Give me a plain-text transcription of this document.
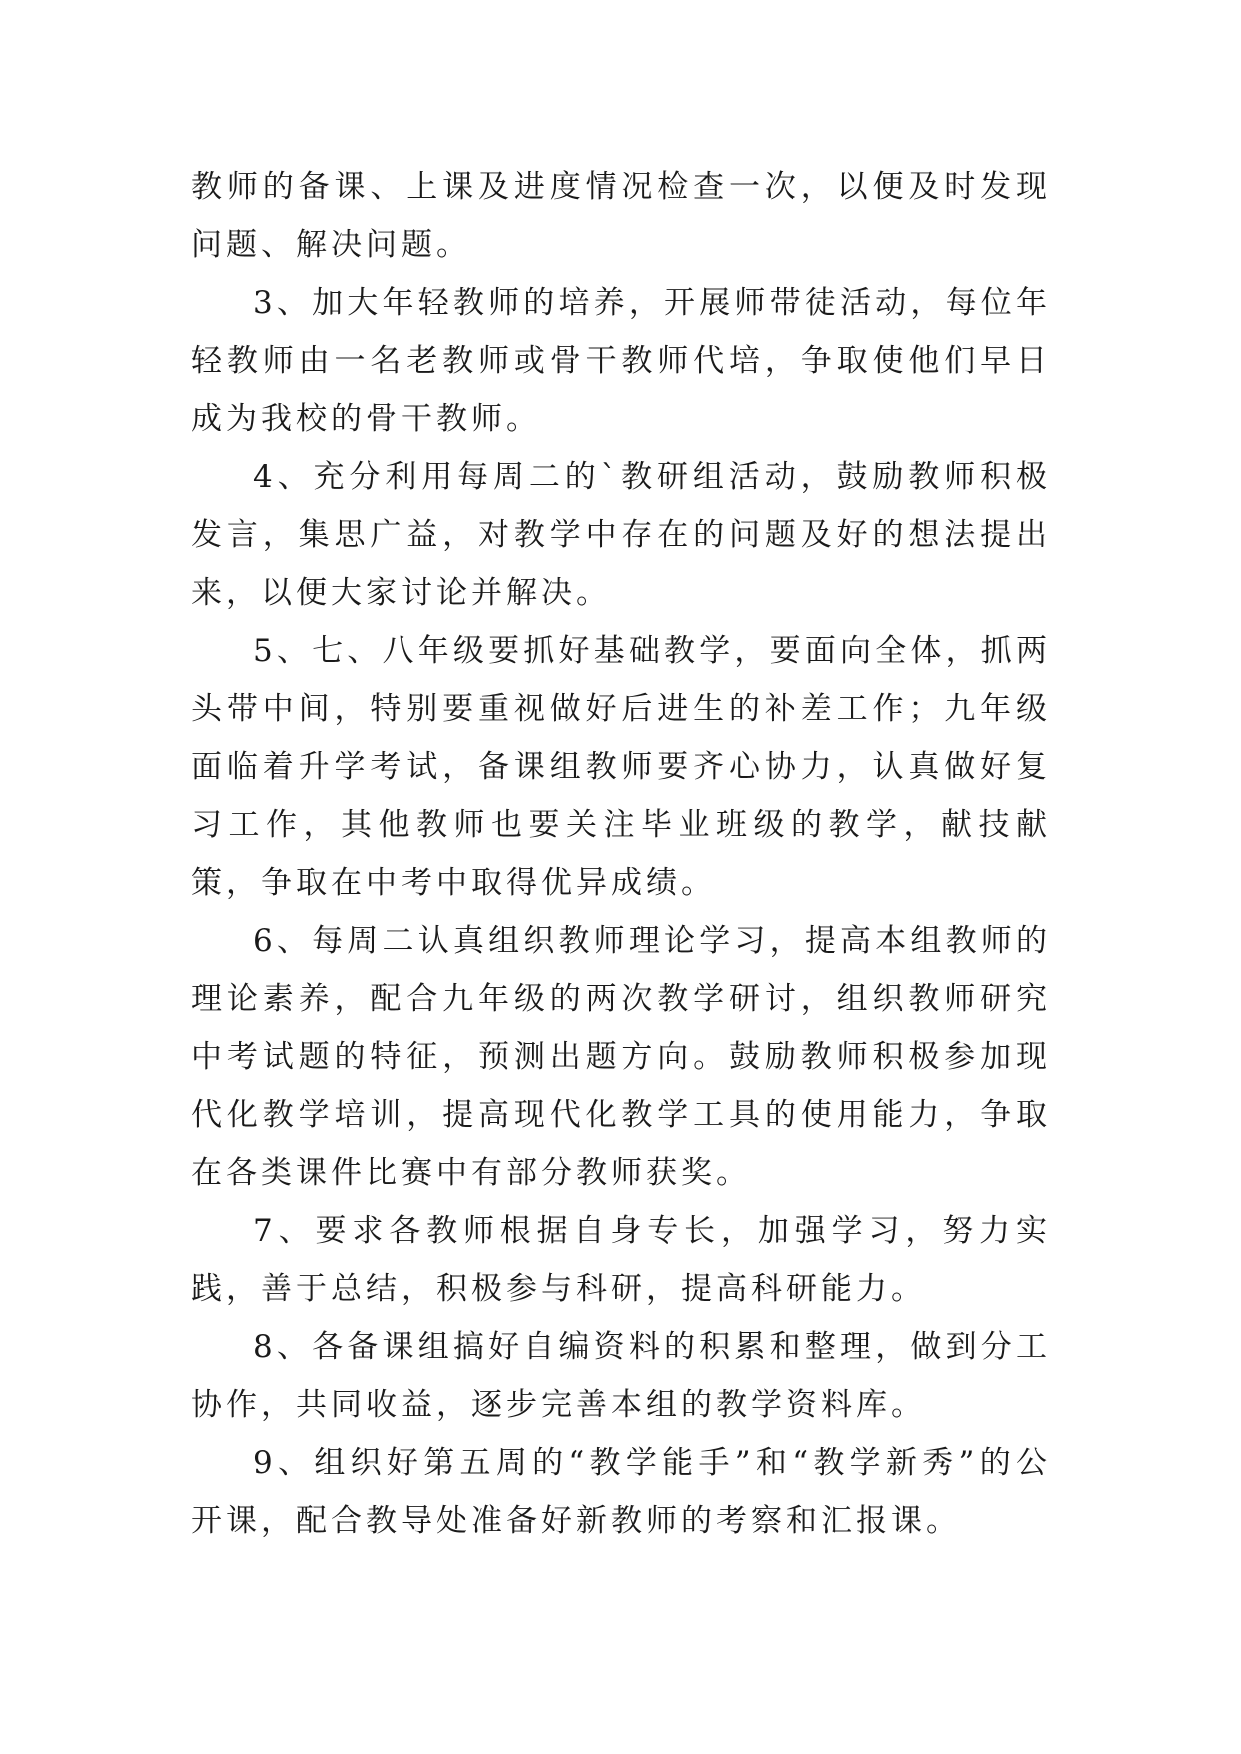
教师的备课、上课及进度情况检查一次，以便及时发现问题、解决问题。

3、加大年轻教师的培养，开展师带徒活动，每位年轻教师由一名老教师或骨干教师代培，争取使他们早日成为我校的骨干教师。

4、充分利用每周二的`教研组活动，鼓励教师积极发言，集思广益，对教学中存在的问题及好的想法提出来，以便大家讨论并解决。

5、七、八年级要抓好基础教学，要面向全体，抓两头带中间，特别要重视做好后进生的补差工作；九年级面临着升学考试，备课组教师要齐心协力，认真做好复习工作，其他教师也要关注毕业班级的教学，献技献策，争取在中考中取得优异成绩。

6、每周二认真组织教师理论学习，提高本组教师的理论素养，配合九年级的两次教学研讨，组织教师研究中考试题的特征，预测出题方向。鼓励教师积极参加现代化教学培训，提高现代化教学工具的使用能力，争取在各类课件比赛中有部分教师获奖。

7、要求各教师根据自身专长，加强学习，努力实践，善于总结，积极参与科研，提高科研能力。

8、各备课组搞好自编资料的积累和整理，做到分工协作，共同收益，逐步完善本组的教学资料库。

9、组织好第五周的“教学能手”和“教学新秀”的公开课，配合教导处准备好新教师的考察和汇报课。
